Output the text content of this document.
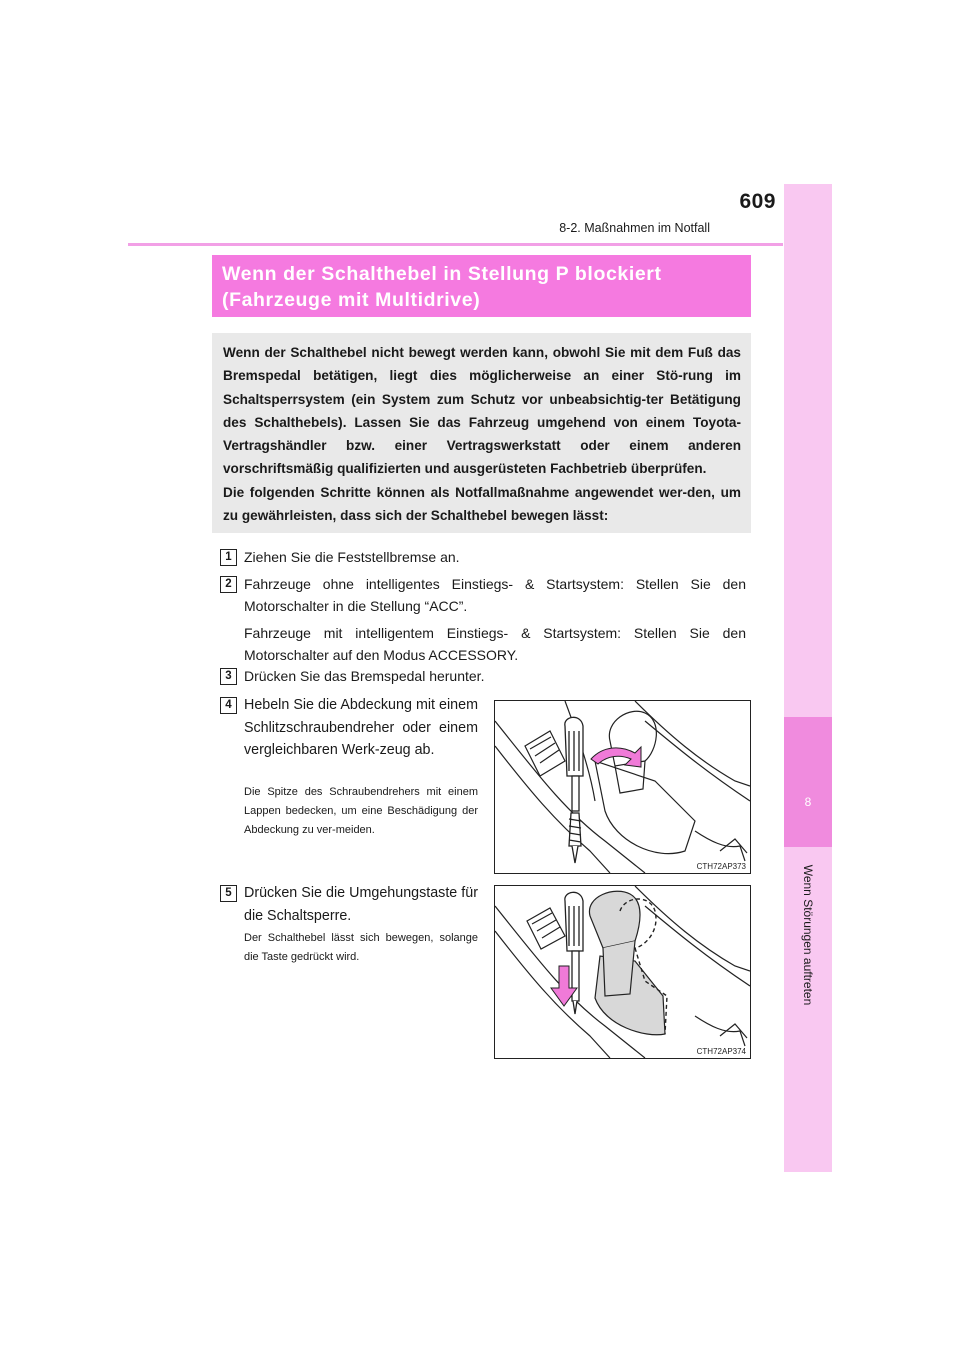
609
8-2. Maßnahmen im Notfall
8
Wenn Störungen auftreten
Wenn der Schalthebel in Stellung P blockiert
(Fahrzeuge mit Multidrive)
Wenn der Schalthebel nicht bewegt werden kann, obwohl Sie mit dem Fuß das Bremspedal betätigen, liegt dies möglicherweise an einer Stö-rung im Schaltsperrsystem (ein System zum Schutz vor unbeabsichtig-ter Betätigung des Schalthebels). Lassen Sie das Fahrzeug umgehend von einem Toyota-Vertragshändler bzw. einer Vertragswerkstatt oder einem anderen vorschriftsmäßig qualifizierten und ausgerüsteten Fachbetrieb überprüfen.
Die folgenden Schritte können als Notfallmaßnahme angewendet wer-den, um zu gewährleisten, dass sich der Schalthebel bewegen lässt:
1 Ziehen Sie die Feststellbremse an.
2 Fahrzeuge ohne intelligentes Einstiegs- & Startsystem: Stellen Sie den Motorschalter in die Stellung “ACC”.
Fahrzeuge mit intelligentem Einstiegs- & Startsystem: Stellen Sie den Motorschalter auf den Modus ACCESSORY.
3 Drücken Sie das Bremspedal herunter.
4 Hebeln Sie die Abdeckung mit einem Schlitzschraubendreher oder einem vergleichbaren Werk-zeug ab.
Die Spitze des Schraubendrehers mit einem Lappen bedecken, um eine Beschädigung der Abdeckung zu ver-meiden.
5 Drücken Sie die Umgehungstaste für die Schaltsperre.
Der Schalthebel lässt sich bewegen, solange die Taste gedrückt wird.
CTH72AP373
CTH72AP374
